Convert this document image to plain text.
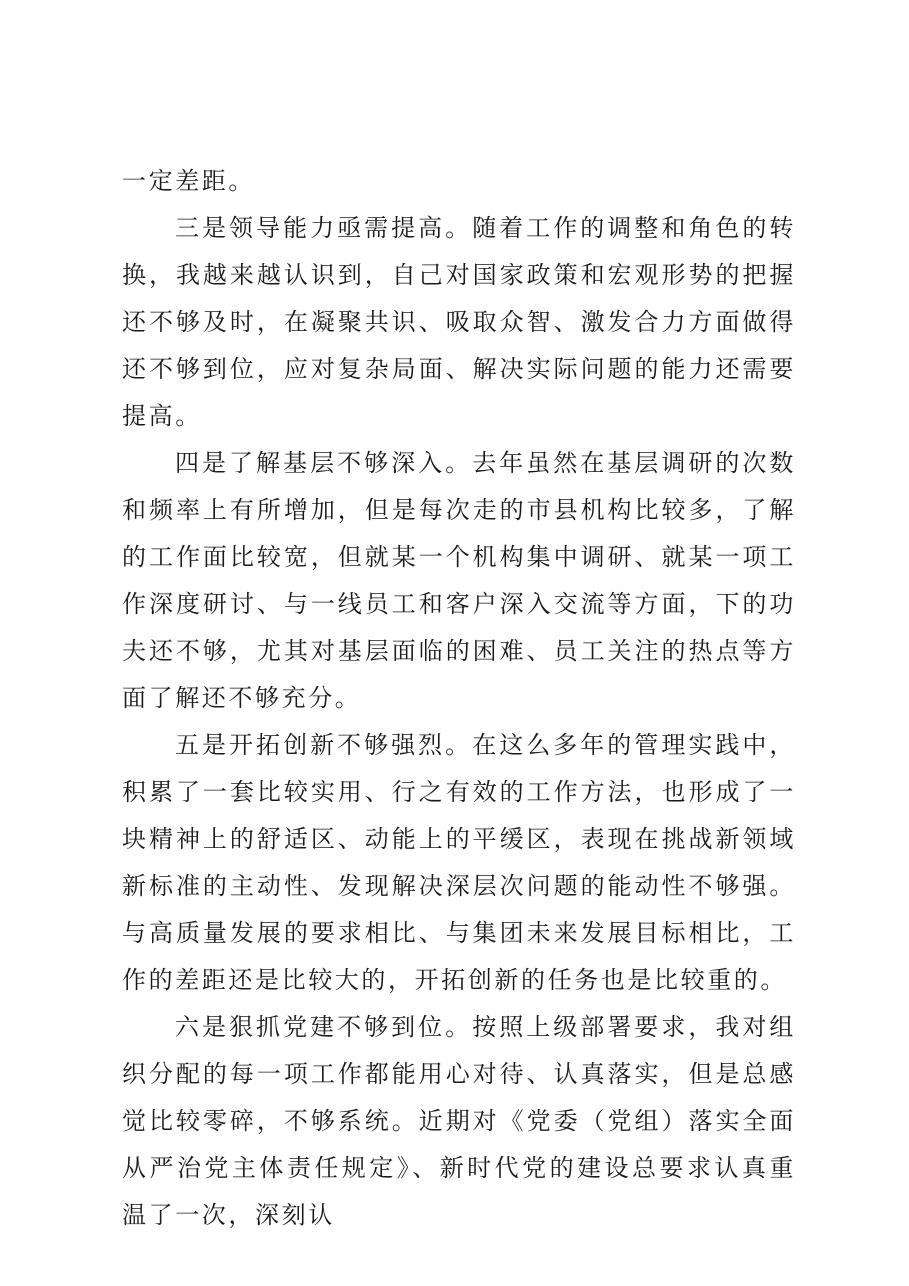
一定差距。

三是领导能力亟需提高。随着工作的调整和角色的转换，我越来越认识到，自己对国家政策和宏观形势的把握还不够及时，在凝聚共识、吸取众智、激发合力方面做得还不够到位，应对复杂局面、解决实际问题的能力还需要提高。

四是了解基层不够深入。去年虽然在基层调研的次数和频率上有所增加，但是每次走的市县机构比较多，了解的工作面比较宽，但就某一个机构集中调研、就某一项工作深度研讨、与一线员工和客户深入交流等方面，下的功夫还不够，尤其对基层面临的困难、员工关注的热点等方面了解还不够充分。

五是开拓创新不够强烈。在这么多年的管理实践中，积累了一套比较实用、行之有效的工作方法，也形成了一块精神上的舒适区、动能上的平缓区，表现在挑战新领域新标准的主动性、发现解决深层次问题的能动性不够强。与高质量发展的要求相比、与集团未来发展目标相比，工作的差距还是比较大的，开拓创新的任务也是比较重的。

六是狠抓党建不够到位。按照上级部署要求，我对组织分配的每一项工作都能用心对待、认真落实，但是总感觉比较零碎，不够系统。近期对《党委（党组）落实全面从严治党主体责任规定》、新时代党的建设总要求认真重温了一次，深刻认
